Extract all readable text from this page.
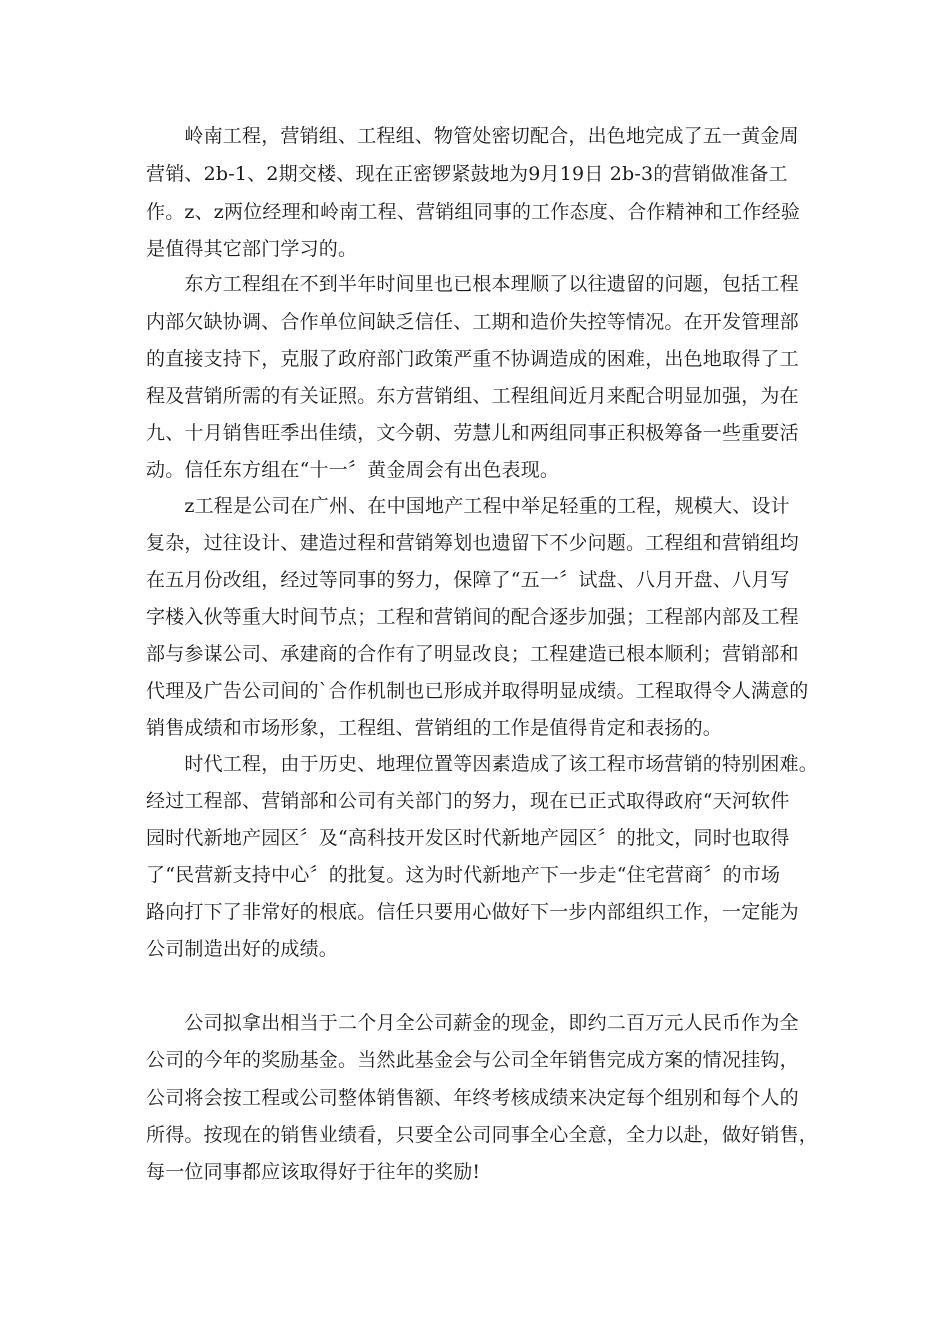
　　岭南工程，营销组、工程组、物管处密切配合，出色地完成了五一黄金周
营销、2b-1、2期交楼、现在正密锣紧鼓地为9月19日 2b-3的营销做准备工
作。z、z两位经理和岭南工程、营销组同事的工作态度、合作精神和工作经验
是值得其它部门学习的。
　　东方工程组在不到半年时间里也已根本理顺了以往遗留的问题，包括工程
内部欠缺协调、合作单位间缺乏信任、工期和造价失控等情况。在开发管理部
的直接支持下，克服了政府部门政策严重不协调造成的困难，出色地取得了工
程及营销所需的有关证照。东方营销组、工程组间近月来配合明显加强，为在
九、十月销售旺季出佳绩，文今朝、劳慧儿和两组同事正积极筹备一些重要活
动。信任东方组在“十一〞黄金周会有出色表现。
　　z工程是公司在广州、在中国地产工程中举足轻重的工程，规模大、设计
复杂，过往设计、建造过程和营销筹划也遗留下不少问题。工程组和营销组均
在五月份改组，经过等同事的努力，保障了“五一〞试盘、八月开盘、八月写
字楼入伙等重大时间节点；工程和营销间的配合逐步加强；工程部内部及工程
部与参谋公司、承建商的合作有了明显改良；工程建造已根本顺利；营销部和
代理及广告公司间的`合作机制也已形成并取得明显成绩。工程取得令人满意的
销售成绩和市场形象，工程组、营销组的工作是值得肯定和表扬的。
　　时代工程，由于历史、地理位置等因素造成了该工程市场营销的特别困难。
经过工程部、营销部和公司有关部门的努力，现在已正式取得政府“天河软件
园时代新地产园区〞及“高科技开发区时代新地产园区〞的批文，同时也取得
了“民营新支持中心〞的批复。这为时代新地产下一步走“住宅营商〞的市场
路向打下了非常好的根底。信任只要用心做好下一步内部组织工作，一定能为
公司制造出好的成绩。
　　公司拟拿出相当于二个月全公司薪金的现金，即约二百万元人民币作为全
公司的今年的奖励基金。当然此基金会与公司全年销售完成方案的情况挂钩，
公司将会按工程或公司整体销售额、年终考核成绩来决定每个组别和每个人的
所得。按现在的销售业绩看，只要全公司同事全心全意，全力以赴，做好销售，
每一位同事都应该取得好于往年的奖励!
